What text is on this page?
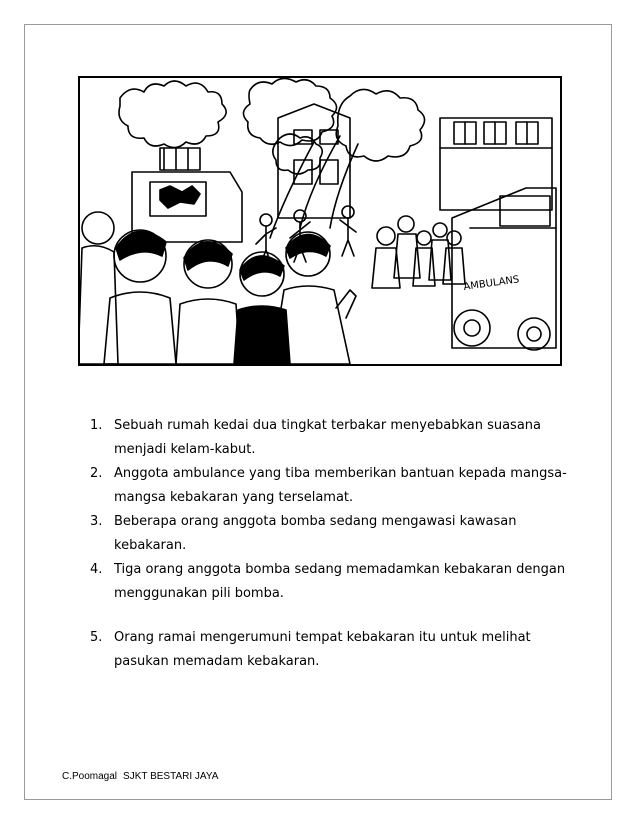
AMBULANS
1. Sebuah rumah kedai dua tingkat terbakar menyebabkan suasana menjadi kelam-kabut.
2. Anggota ambulance yang tiba memberikan bantuan kepada mangsa-mangsa kebakaran yang terselamat.
3. Beberapa orang anggota bomba sedang mengawasi kawasan kebakaran.
4. Tiga orang anggota bomba sedang memadamkan kebakaran dengan menggunakan pili bomba.
5. Orang ramai mengerumuni tempat kebakaran itu untuk melihat pasukan memadam kebakaran.
C.Poomagal SJKT BESTARI JAYA
